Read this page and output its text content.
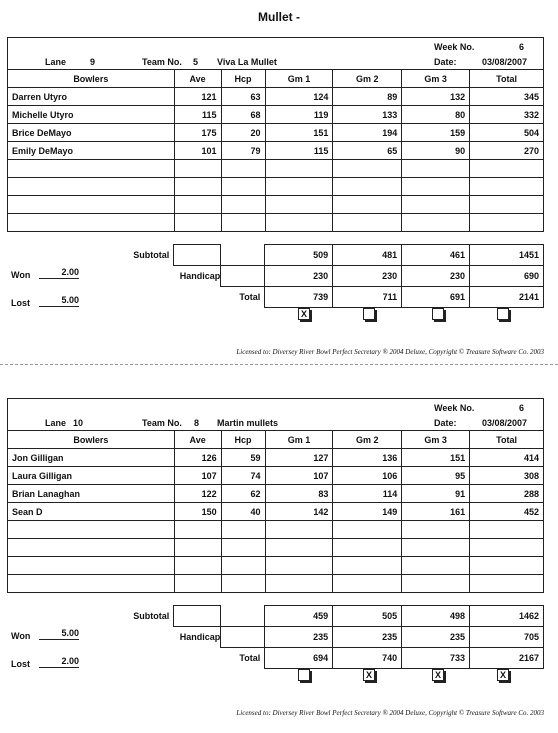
Mullet -
Week No.	6
Lane	9	Team No. 5 Viva La Mullet	Date:	03/08/2007
Bowlers	Ave	Hcp	Gm 1	Gm 2	Gm 3	Total
Darren Utyro	121	63	124	89	132	345
Michelle Utyro	115	68	119	133	80	332
Brice DeMayo	175	20	151	194	159	504
Emily DeMayo	101	79	115	65	90	270

Subtotal			509	481	461	1451
	Handicap		230	230	230	690
		Total	739	711	691	2141
Won	2.00
Lost	5.00
X
Licensed to: Diversey River Bowl Perfect Secretary ® 2004 Deluxe, Copyright © Treasure Software Co. 2003
Week No.	6
Lane 10	Team No. 8 Martin mullets	Date:	03/08/2007
Bowlers	Ave	Hcp	Gm 1	Gm 2	Gm 3	Total
Jon Gilligan	126	59	127	136	151	414
Laura Gilligan	107	74	107	106	95	308
Brian Lanaghan	122	62	83	114	91	288
Sean D	150	40	142	149	161	452

Subtotal			459	505	498	1462
	Handicap		235	235	235	705
		Total	694	740	733	2167
Won	5.00
Lost	2.00
X	X	X
Licensed to: Diversey River Bowl Perfect Secretary ® 2004 Deluxe, Copyright © Treasure Software Co. 2003
